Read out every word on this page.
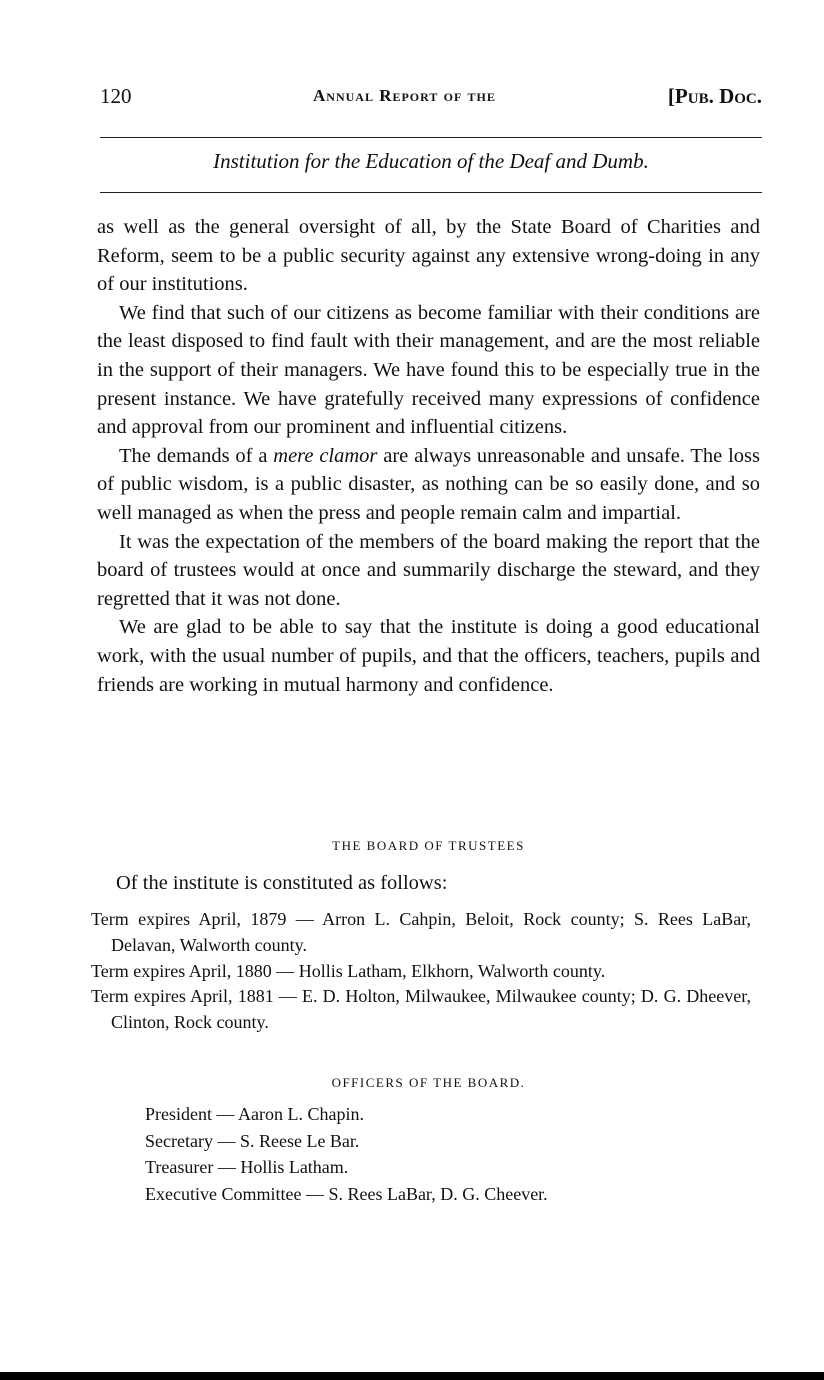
120	Annual Report of the	[Pub. Doc.
Institution for the Education of the Deaf and Dumb.

as well as the general oversight of all, by the State Board of Charities and Reform, seem to be a public security against any extensive wrong-doing in any of our institutions.

We find that such of our citizens as become familiar with their conditions are the least disposed to find fault with their management, and are the most reliable in the support of their managers. We have found this to be especially true in the present instance. We have gratefully received many expressions of confidence and approval from our prominent and influential citizens.

The demands of a mere clamor are always unreasonable and unsafe. The loss of public wisdom, is a public disaster, as nothing can be so easily done, and so well managed as when the press and people remain calm and impartial.

It was the expectation of the members of the board making the report that the board of trustees would at once and summarily discharge the steward, and they regretted that it was not done.

We are glad to be able to say that the institute is doing a good educational work, with the usual number of pupils, and that the officers, teachers, pupils and friends are working in mutual harmony and confidence.

THE BOARD OF TRUSTEES
Of the institute is constituted as follows:
Term expires April, 1879 — Arron L. Cahpin, Beloit, Rock county; S. Rees LaBar, Delavan, Walworth county.
Term expires April, 1880 — Hollis Latham, Elkhorn, Walworth county.
Term expires April, 1881 — E. D. Holton, Milwaukee, Milwaukee county; D. G. Dheever, Clinton, Rock county.
OFFICERS OF THE BOARD.
President — Aaron L. Chapin.
Secretary — S. Reese Le Bar.
Treasurer — Hollis Latham.
Executive Committee — S. Rees LaBar, D. G. Cheever.
